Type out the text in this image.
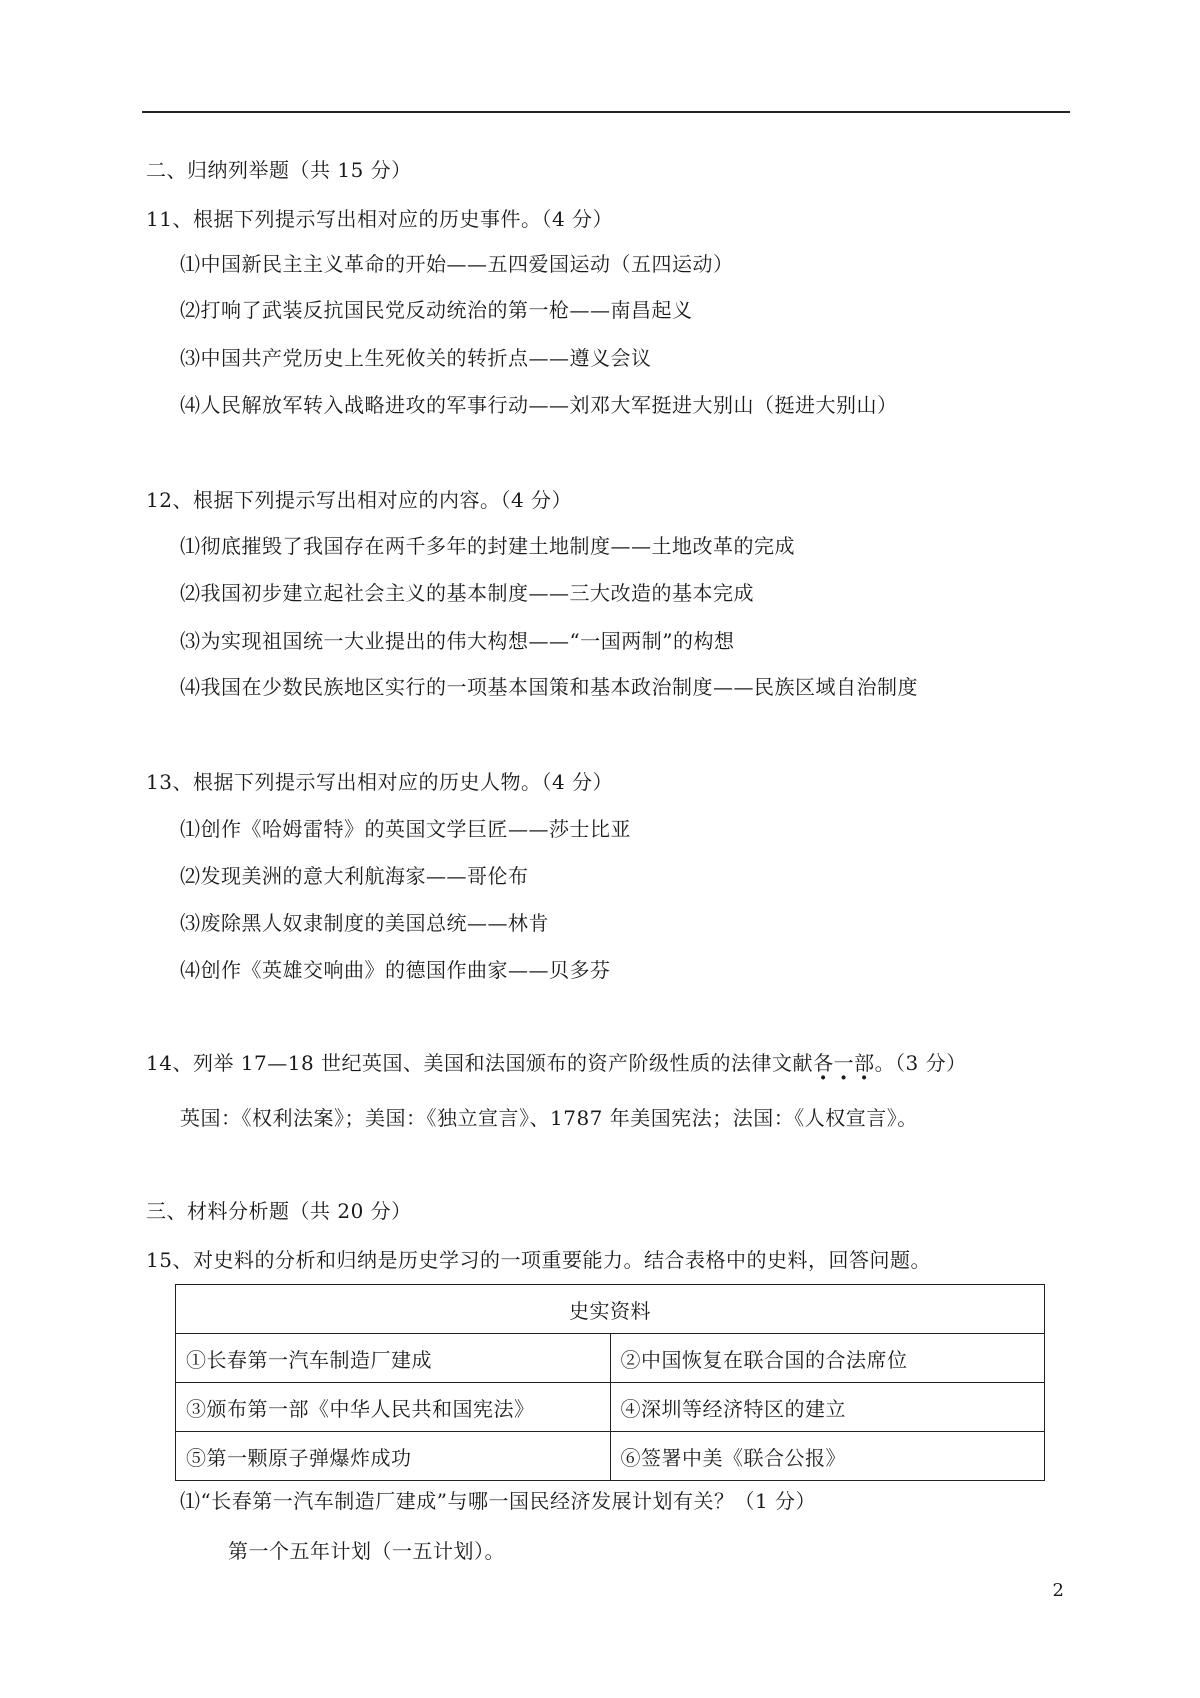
二、归纳列举题（共 15 分）
11、根据下列提示写出相对应的历史事件。（4 分）
⑴中国新民主主义革命的开始——五四爱国运动（五四运动）
⑵打响了武装反抗国民党反动统治的第一枪——南昌起义
⑶中国共产党历史上生死攸关的转折点——遵义会议
⑷人民解放军转入战略进攻的军事行动——刘邓大军挺进大别山（挺进大别山）
12、根据下列提示写出相对应的内容。（4 分）
⑴彻底摧毁了我国存在两千多年的封建土地制度——土地改革的完成
⑵我国初步建立起社会主义的基本制度——三大改造的基本完成
⑶为实现祖国统一大业提出的伟大构想——“一国两制”的构想
⑷我国在少数民族地区实行的一项基本国策和基本政治制度——民族区域自治制度
13、根据下列提示写出相对应的历史人物。（4 分）
⑴创作《哈姆雷特》的英国文学巨匠——莎士比亚
⑵发现美洲的意大利航海家——哥伦布
⑶废除黑人奴隶制度的美国总统——林肯
⑷创作《英雄交响曲》的德国作曲家——贝多芬
14、列举 17—18 世纪英国、美国和法国颁布的资产阶级性质的法律文献各一部。（3 分）
英国：《权利法案》；美国：《独立宣言》、1787 年美国宪法；法国：《人权宣言》。
三、材料分析题（共 20 分）
15、对史料的分析和归纳是历史学习的一项重要能力。结合表格中的史料，回答问题。
史实资料	
①长春第一汽车制造厂建成	②中国恢复在联合国的合法席位
③颁布第一部《中华人民共和国宪法》	④深圳等经济特区的建立
⑤第一颗原子弹爆炸成功	⑥签署中美《联合公报》
⑴“长春第一汽车制造厂建成”与哪一国民经济发展计划有关？（1 分）
第一个五年计划（一五计划）。
2
